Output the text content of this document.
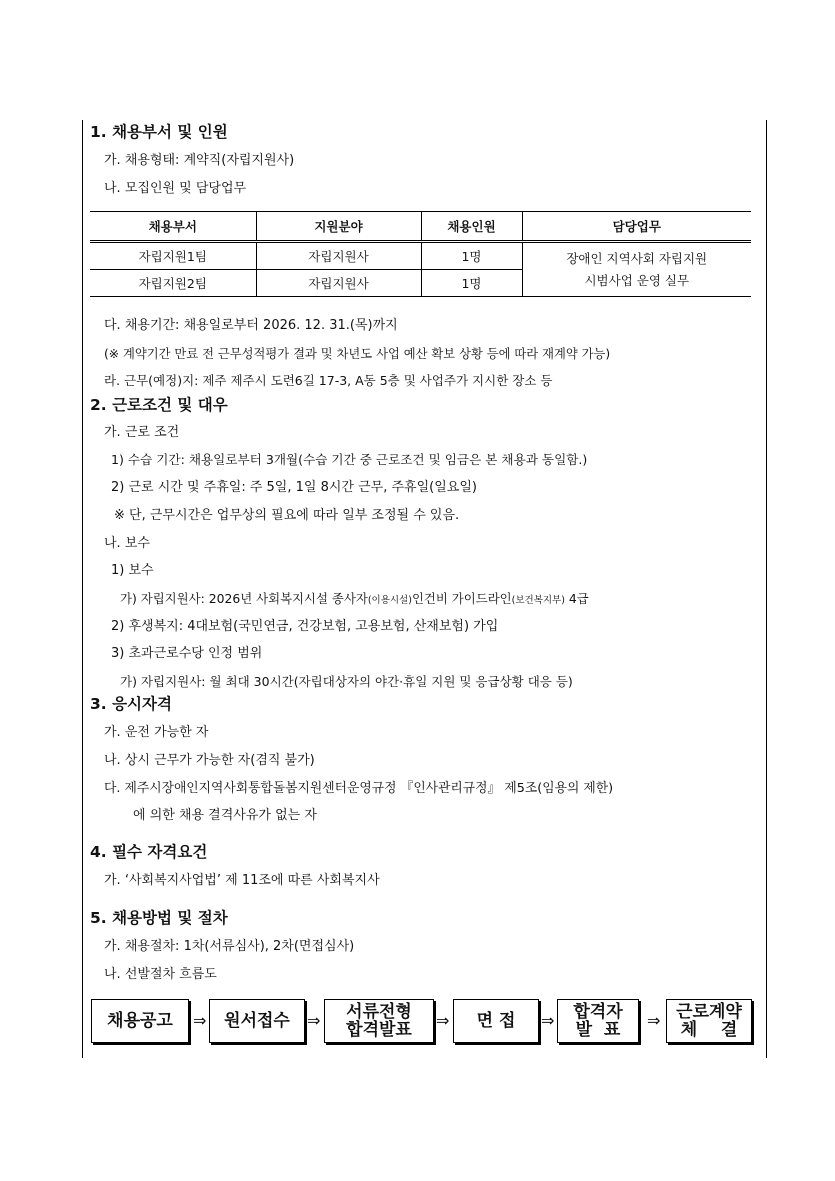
1. 채용부서 및 인원
가. 채용형태: 계약직(자립지원사)
나. 모집인원 및 담당업무
채용부서	지원분야	채용인원	담당업무
자립지원1팀	자립지원사	1명	장애인 지역사회 자립지원
시범사업 운영 실무

자립지원2팀	자립지원사	1명	
다. 채용기간: 채용일로부터 2026. 12. 31.(목)까지
(※ 계약기간 만료 전 근무성적평가 결과 및 차년도 사업 예산 확보 상황 등에 따라 재계약 가능)
라. 근무(예정)지: 제주 제주시 도련6길 17-3, A동 5층 및 사업주가 지시한 장소 등
2. 근로조건 및 대우
가. 근로 조건
1) 수습 기간: 채용일로부터 3개월(수습 기간 중 근로조건 및 임금은 본 채용과 동일함.)
2) 근로 시간 및 주휴일: 주 5일, 1일 8시간 근무, 주휴일(일요일)
※ 단, 근무시간은 업무상의 필요에 따라 일부 조정될 수 있음.
나. 보수
1) 보수
가) 자립지원사: 2026년 사회복지시설 종사자(이용시설)인건비 가이드라인(보건복지부) 4급
2) 후생복지: 4대보험(국민연금, 건강보험, 고용보험, 산재보험) 가입
3) 초과근로수당 인정 범위
가) 자립지원사: 월 최대 30시간(자립대상자의 야간·휴일 지원 및 응급상황 대응 등)
3. 응시자격
가. 운전 가능한 자
나. 상시 근무가 가능한 자(겸직 불가)
다. 제주시장애인지역사회통합돌봄지원센터운영규정 『인사관리규정』 제5조(임용의 제한)
에 의한 채용 결격사유가 없는 자
4. 필수 자격요건
가. ‘사회복지사업법’ 제 11조에 따른 사회복지사
5. 채용방법 및 절차
가. 채용절차: 1차(서류심사), 2차(면접심사)
나. 선발절차 흐름도
채용공고 ⇒ 원서접수 ⇒ 서류전형
합격발표 ⇒ 면 접 ⇒ 합격자
발  표 ⇒ 근로계약
체    결
